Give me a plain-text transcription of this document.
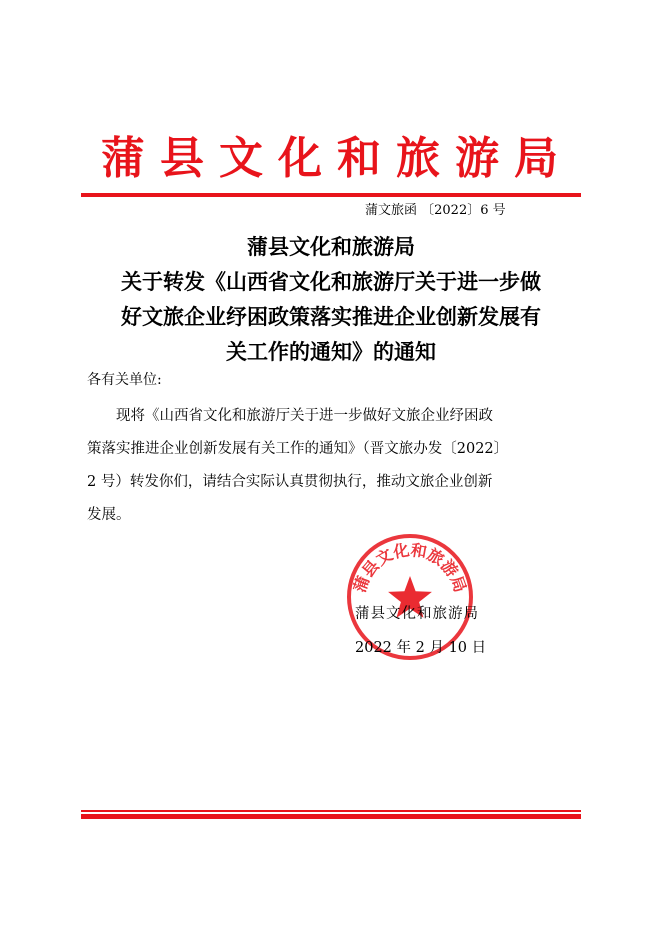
蒲县文化和旅游局
蒲文旅函 〔2022〕6 号
蒲县文化和旅游局
关于转发《山西省文化和旅游厅关于进一步做
好文旅企业纾困政策落实推进企业创新发展有
关工作的通知》的通知
各有关单位:
现将《山西省文化和旅游厅关于进一步做好文旅企业纾困政
策落实推进企业创新发展有关工作的通知》（晋文旅办发〔2022〕
2 号）转发你们，请结合实际认真贯彻执行，推动文旅企业创新
发展。
蒲县文化和旅游局
蒲县文化和旅游局
2022 年 2 月 10 日
